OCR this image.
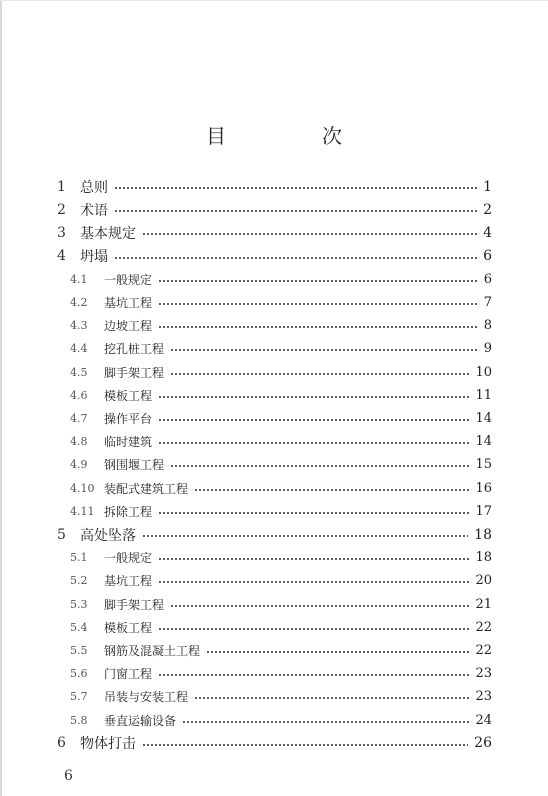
目　次
1 总则	1
2 术语	2
3 基本规定	4
4 坍塌	6
4.1 一般规定	6
4.2 基坑工程	7
4.3 边坡工程	8
4.4 挖孔桩工程	9
4.5 脚手架工程	10
4.6 模板工程	11
4.7 操作平台	14
4.8 临时建筑	14
4.9 钢围堰工程	15
4.10 装配式建筑工程	16
4.11 拆除工程	17
5 高处坠落	18
5.1 一般规定	18
5.2 基坑工程	20
5.3 脚手架工程	21
5.4 模板工程	22
5.5 钢筋及混凝土工程	22
5.6 门窗工程	23
5.7 吊装与安装工程	23
5.8 垂直运输设备	24
6 物体打击	26
6
